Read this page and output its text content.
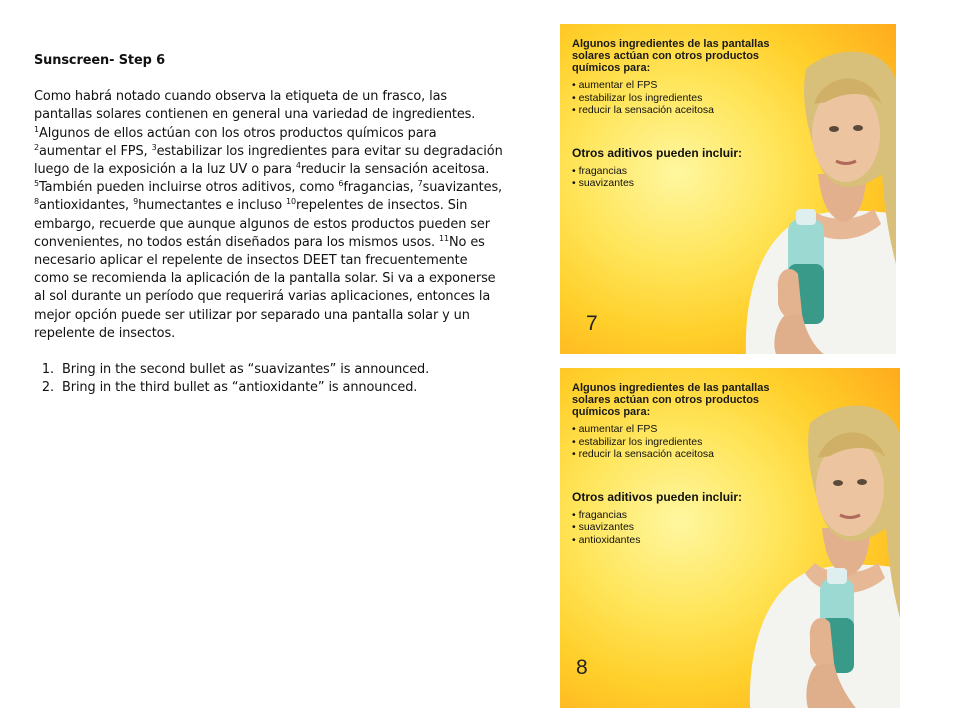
Sunscreen- Step 6

Como habrá notado cuando observa la etiqueta de un frasco, las pantallas solares contienen en general una variedad de ingredientes. $^1$Algunos de ellos actúan con los otros productos químicos para $^2$aumentar el FPS, $^3$estabilizar los ingredientes para evitar su degradación luego de la exposición a la luz UV o para $^4$reducir la sensación aceitosa. $^5$También pueden incluirse otros aditivos, como $^6$fragancias, $^7$suavizantes, $^8$antioxidantes, $^9$humectantes e incluso $^{10}$repelentes de insectos. Sin embargo, recuerde que aunque algunos de estos productos pueden ser convenientes, no todos están diseñados para los mismos usos. $^{11}$No es necesario aplicar el repelente de insectos DEET tan frecuentemente como se recomienda la aplicación de la pantalla solar. Si va a exponerse al sol durante un período que requerirá varias aplicaciones, entonces la mejor opción puede ser utilizar por separado una pantalla solar y un repelente de insectos.

1. Bring in the second bullet as “suavizantes” is announced.
2. Bring in the third bullet as “antioxidante” is announced.
Algunos ingredientes de las pantallas solares actúan con otros productos químicos para:
• aumentar el FPS
• estabilizar los ingredientes
• reducir la sensación aceitosa
Otros aditivos pueden incluir:
• fragancias
• suavizantes
7
Algunos ingredientes de las pantallas solares actúan con otros productos químicos para:
• aumentar el FPS
• estabilizar los ingredientes
• reducir la sensación aceitosa
Otros aditivos pueden incluir:
• fragancias
• suavizantes
• antioxidantes
8
